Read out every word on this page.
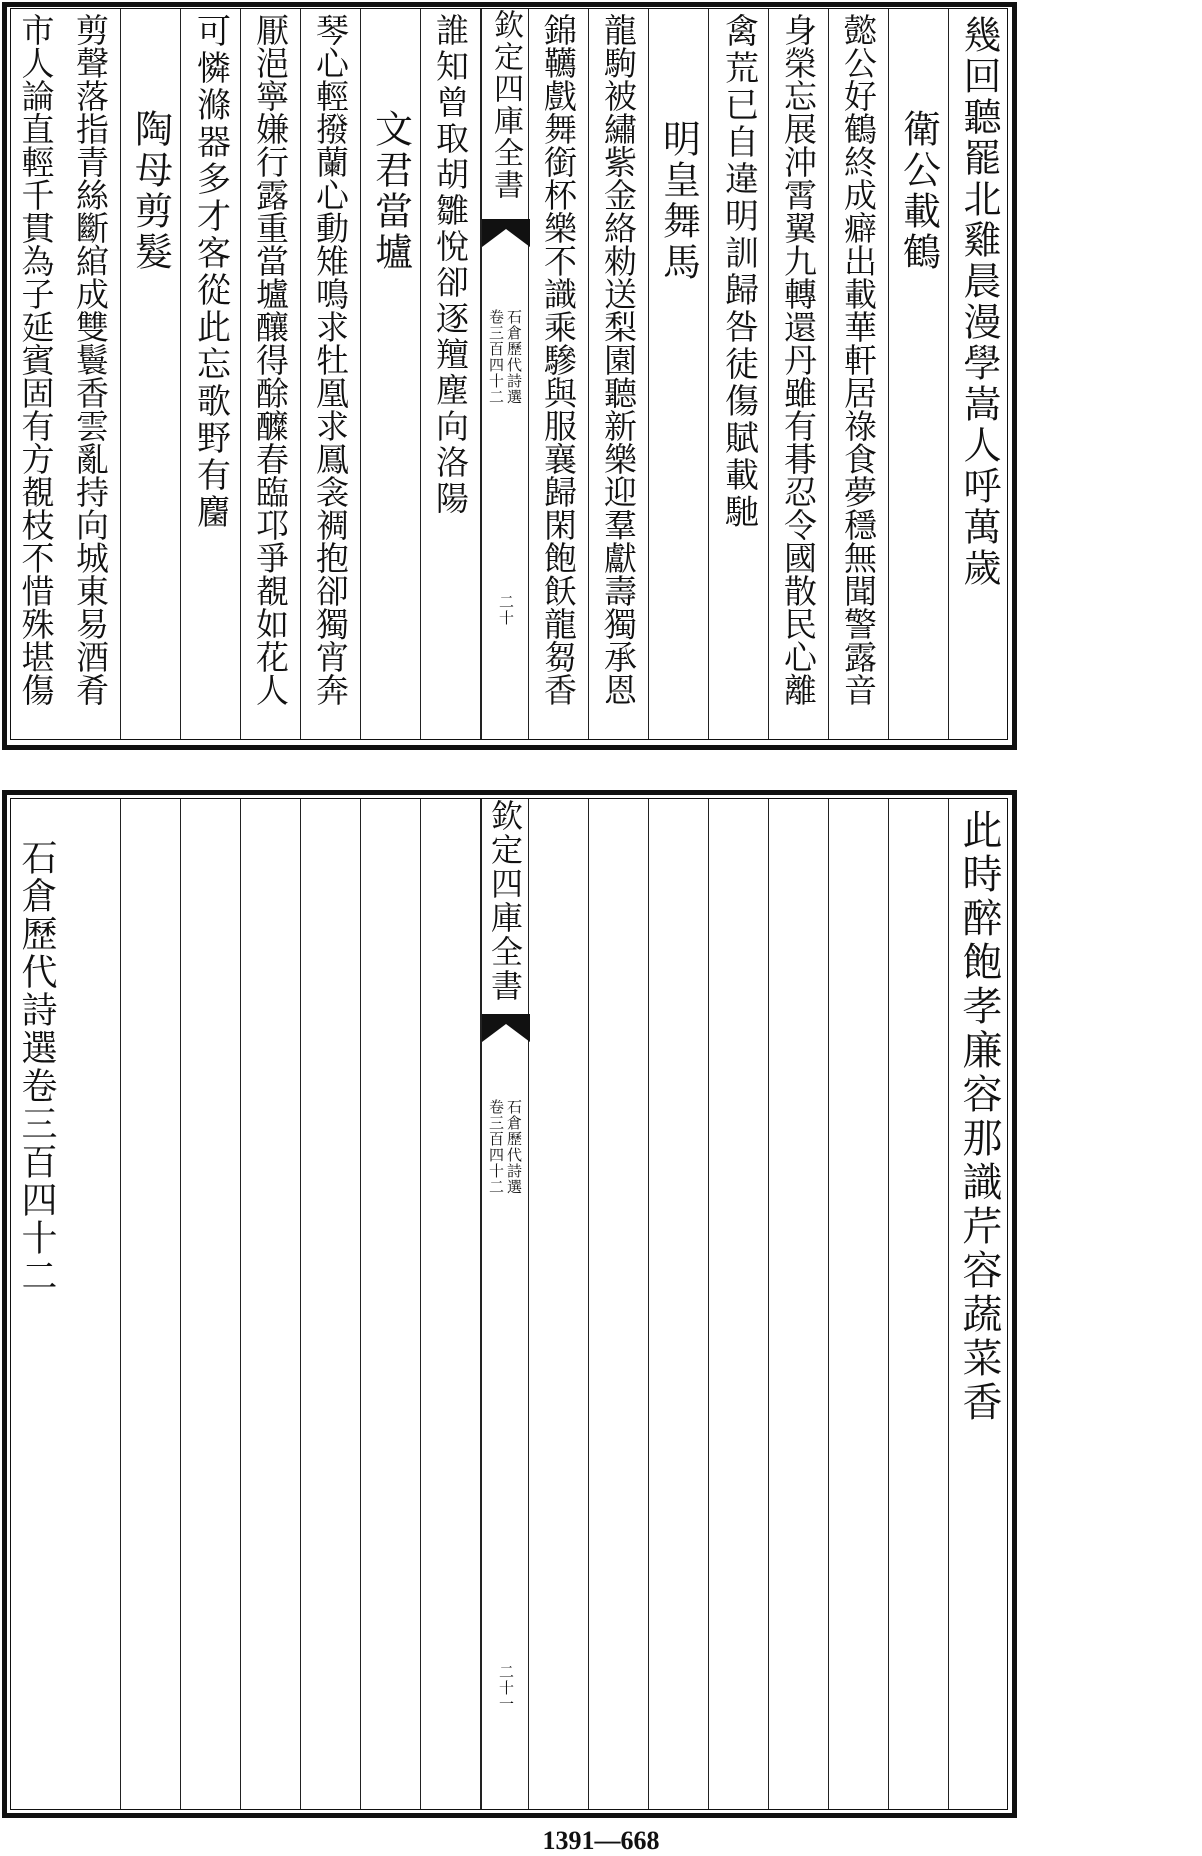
幾回聽罷北雞晨漫學嵩人呼萬歲
衛公載鶴
懿公好鶴終成癖出載華軒居祿食夢穩無聞警露音
身榮忘展沖霄翼九轉還丹雖有朞忍令國散民心離
禽荒已自違明訓歸咎徒傷賦載馳
明皇舞馬
龍駒被繡紫金絡勑送梨園聽新樂迎羣獻壽獨承恩
錦韉戲舞銜杯樂不識乘驂與服襄歸閑飽飫龍芻香
欽定四庫全書
石倉歷代詩選
卷三百四十二
二十
誰知曾取胡雛悅卻逐羶塵向洛陽
文君當壚
琴心輕撥蘭心動雉鳴求牡凰求鳳衾裯抱卻獨宵奔
厭浥寧嫌行露重當壚釀得酴醾春臨邛爭覩如花人
可憐滌器多才客從此忘歌野有麕
陶母剪髮
剪聲落指青絲斷綰成雙鬟香雲亂持向城東易酒肴
市人論直輕千貫為子延賓固有方覩枝不惜殊堪傷
此時醉飽孝廉容那識芹容蔬菜香
欽定四庫全書
石倉歷代詩選
卷三百四十二
二十一
石倉歷代詩選卷三百四十二
1391—668
